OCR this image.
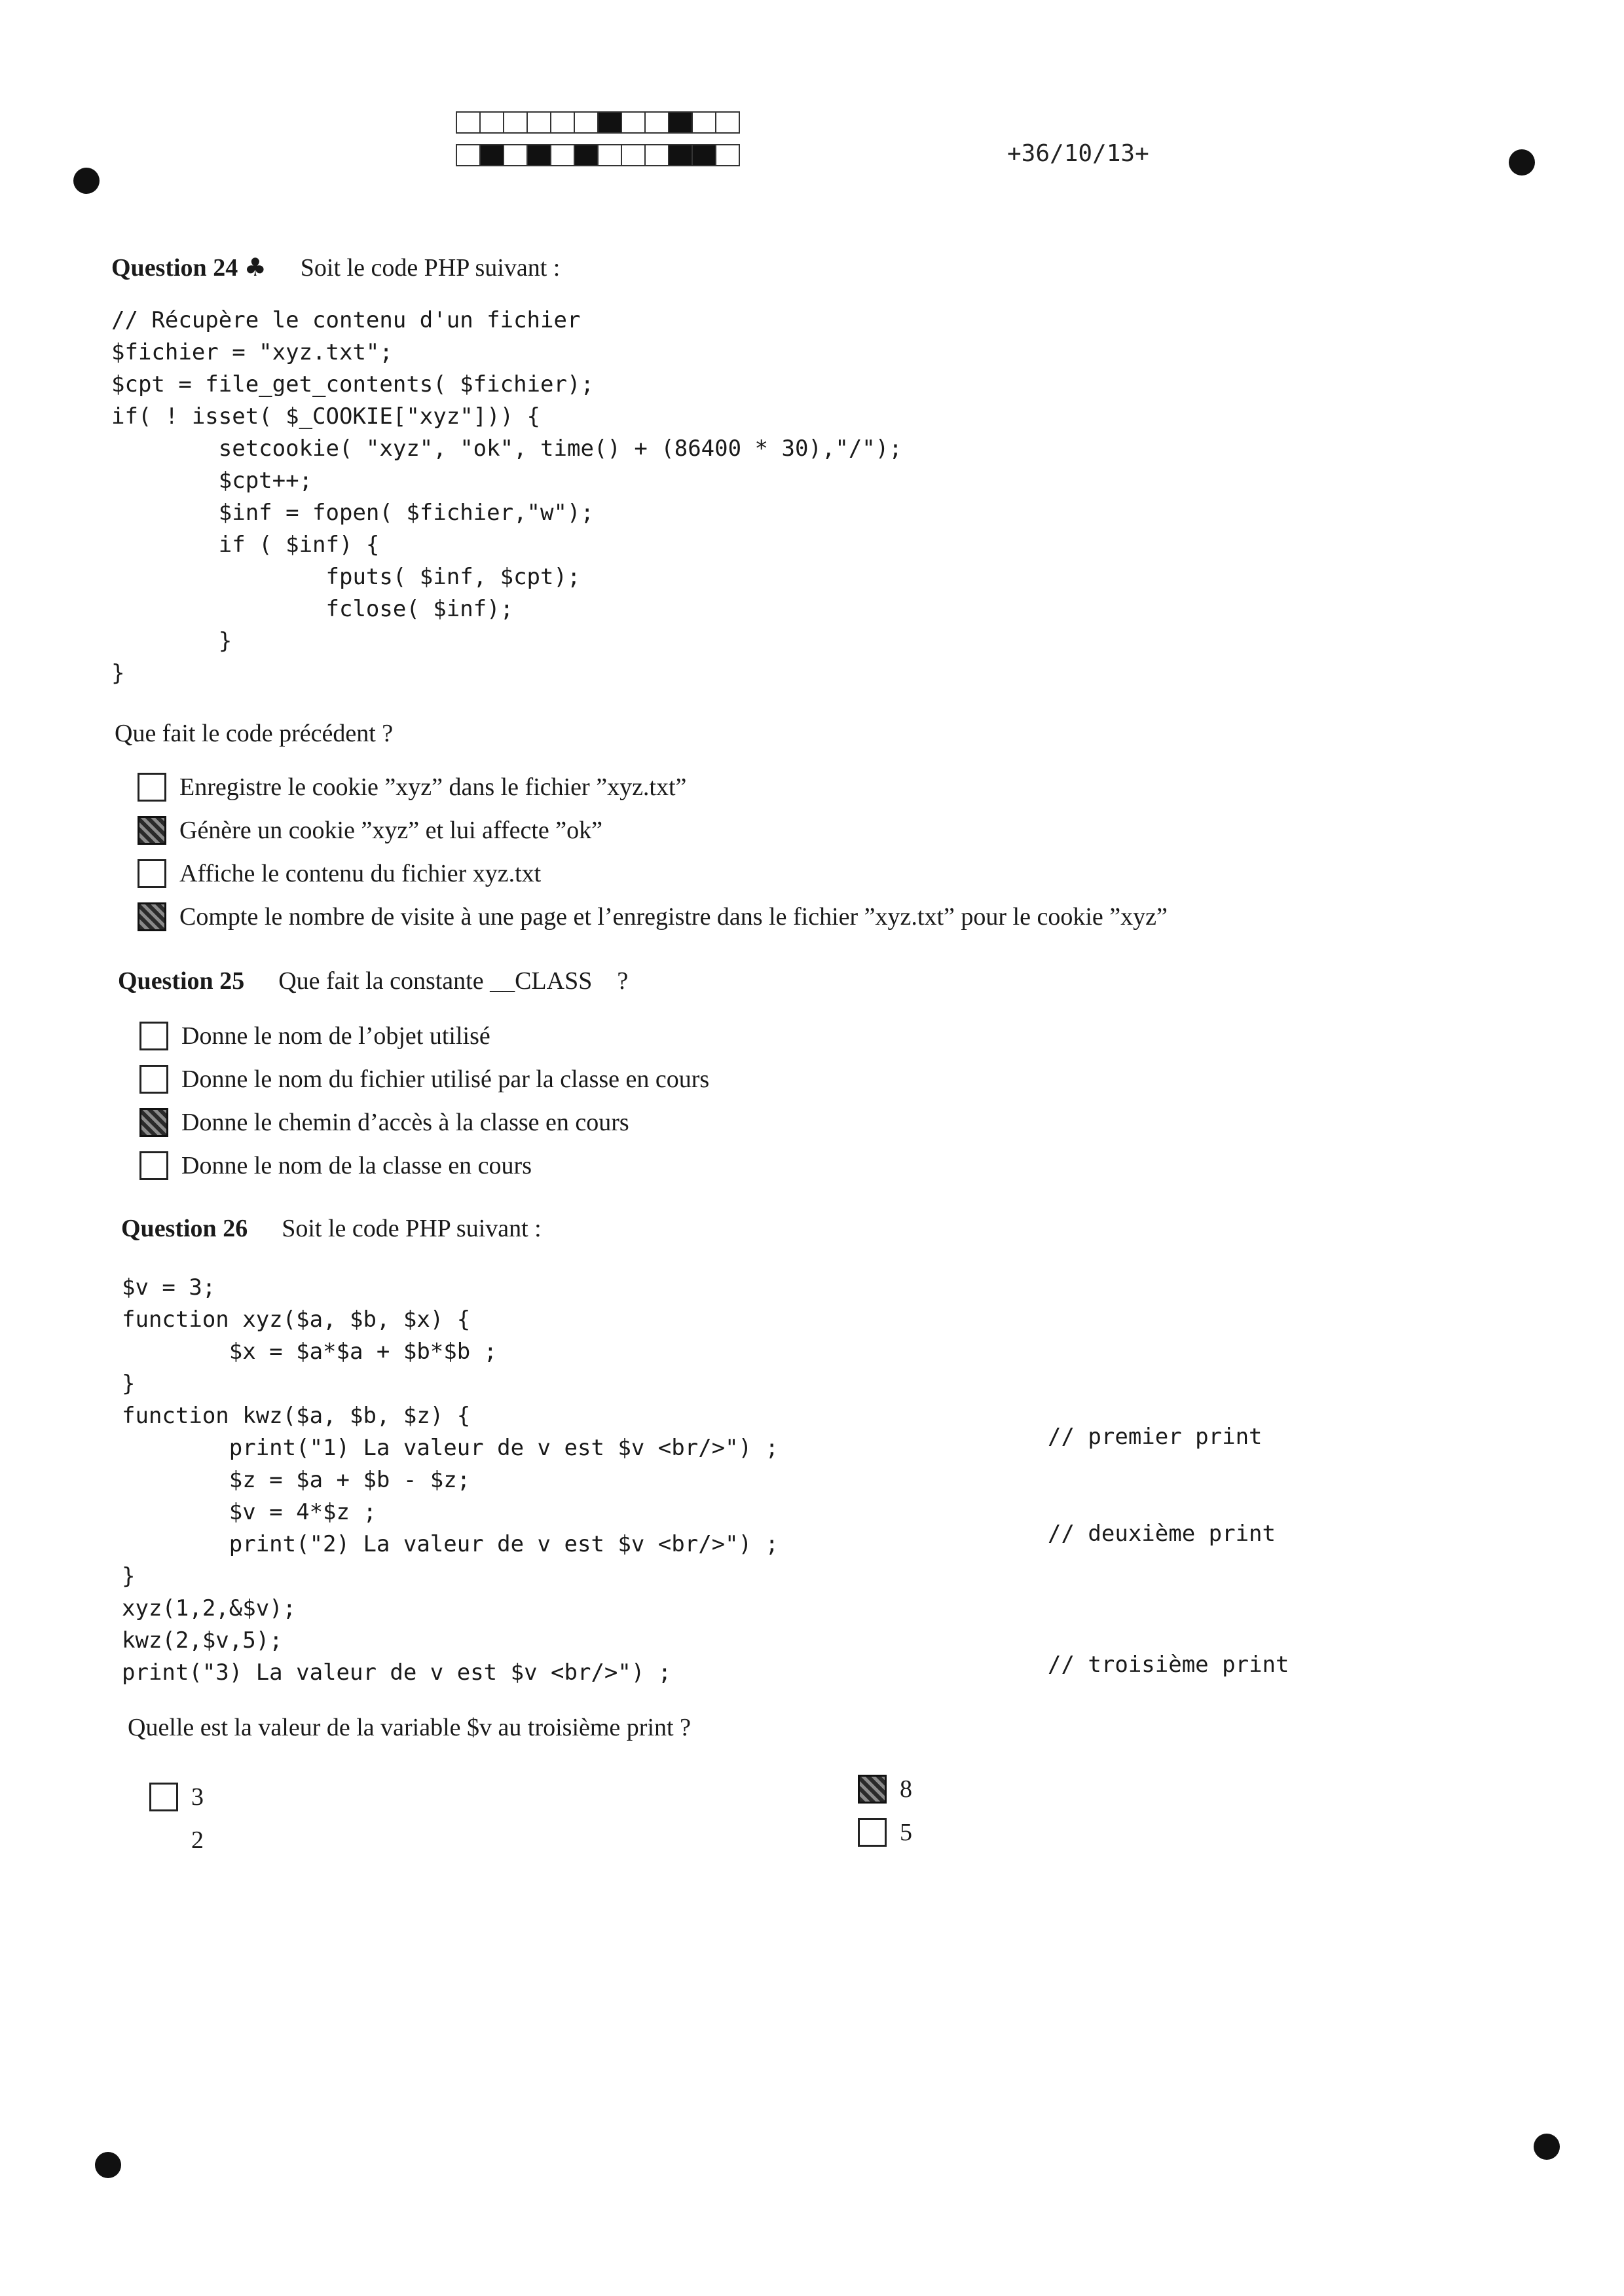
+36/10/13+
Question 24 ♣ Soit le code PHP suivant :
// Récupère le contenu d'un fichier
$fichier = "xyz.txt";
$cpt = file_get_contents( $fichier);
if( ! isset( $_COOKIE["xyz"])) {
setcookie( "xyz", "ok", time() + (86400 * 30),"/");
$cpt++;
$inf = fopen( $fichier,"w");
if ( $inf) {
fputs( $inf, $cpt);
fclose( $inf);
}
}
Que fait le code précédent ?
Enregistre le cookie ”xyz” dans le fichier ”xyz.txt”
Génère un cookie ”xyz” et lui affecte ”ok”
Affiche le contenu du fichier xyz.txt
Compte le nombre de visite à une page et l’enregistre dans le fichier ”xyz.txt” pour le cookie ”xyz”
Question 25 Que fait la constante __CLASS    ?
Donne le nom de l’objet utilisé
Donne le nom du fichier utilisé par la classe en cours
Donne le chemin d’accès à la classe en cours
Donne le nom de la classe en cours
Question 26 Soit le code PHP suivant :
$v = 3;
function xyz($a, $b, $x) {
$x = $a*$a + $b*$b ;
}
function kwz($a, $b, $z) {
print("1) La valeur de v est $v <br/>") ;
$z = $a + $b - $z;
$v = 4*$z ;
print("2) La valeur de v est $v <br/>") ;
}
xyz(1,2,&$v);
kwz(2,$v,5);
print("3) La valeur de v est $v <br/>") ;
// premier print
// deuxième print
// troisième print
Quelle est la valeur de la variable $v au troisième print ?
3
2
8
5
